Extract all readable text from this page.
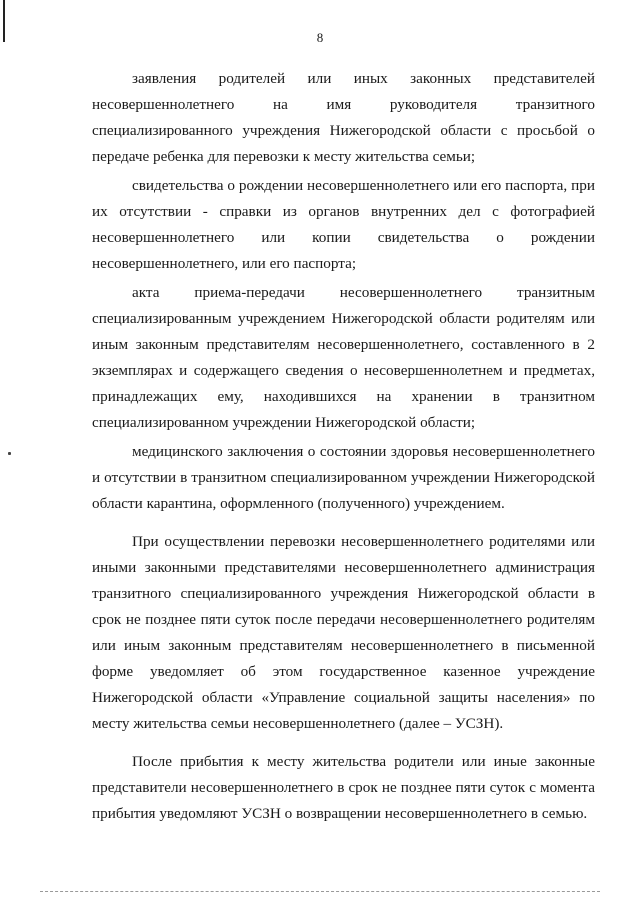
8
заявления родителей или иных законных представителей
несовершеннолетнего на имя руководителя транзитного
специализированного учреждения Нижегородской области с просьбой о
передаче ребенка для перевозки к месту жительства семьи;
свидетельства о рождении несовершеннолетнего или его паспорта, при
их отсутствии - справки из органов внутренних дел с фотографией
несовершеннолетнего или копии свидетельства о рождении
несовершеннолетнего, или его паспорта;
акта приема-передачи несовершеннолетнего транзитным
специализированным учреждением Нижегородской области родителям или
иным законным представителям несовершеннолетнего, составленного в 2
экземплярах и содержащего сведения о несовершеннолетнем и предметах,
принадлежащих ему, находившихся на хранении в транзитном
специализированном учреждении Нижегородской области;
медицинского заключения о состоянии здоровья несовершеннолетнего
и отсутствии в транзитном специализированном учреждении Нижегородской
области карантина, оформленного (полученного) учреждением.
При осуществлении перевозки несовершеннолетнего родителями или
иными законными представителями несовершеннолетнего администрация
транзитного специализированного учреждения Нижегородской области в
срок не позднее пяти суток после передачи несовершеннолетнего родителям
или иным законным представителям несовершеннолетнего в письменной
форме уведомляет об этом государственное казенное учреждение
Нижегородской области «Управление социальной защиты населения» по
месту жительства семьи несовершеннолетнего (далее – УСЗН).
После прибытия к месту жительства родители или иные законные
представители несовершеннолетнего в срок не позднее пяти суток с момента
прибытия уведомляют УСЗН о возвращении несовершеннолетнего в семью.
